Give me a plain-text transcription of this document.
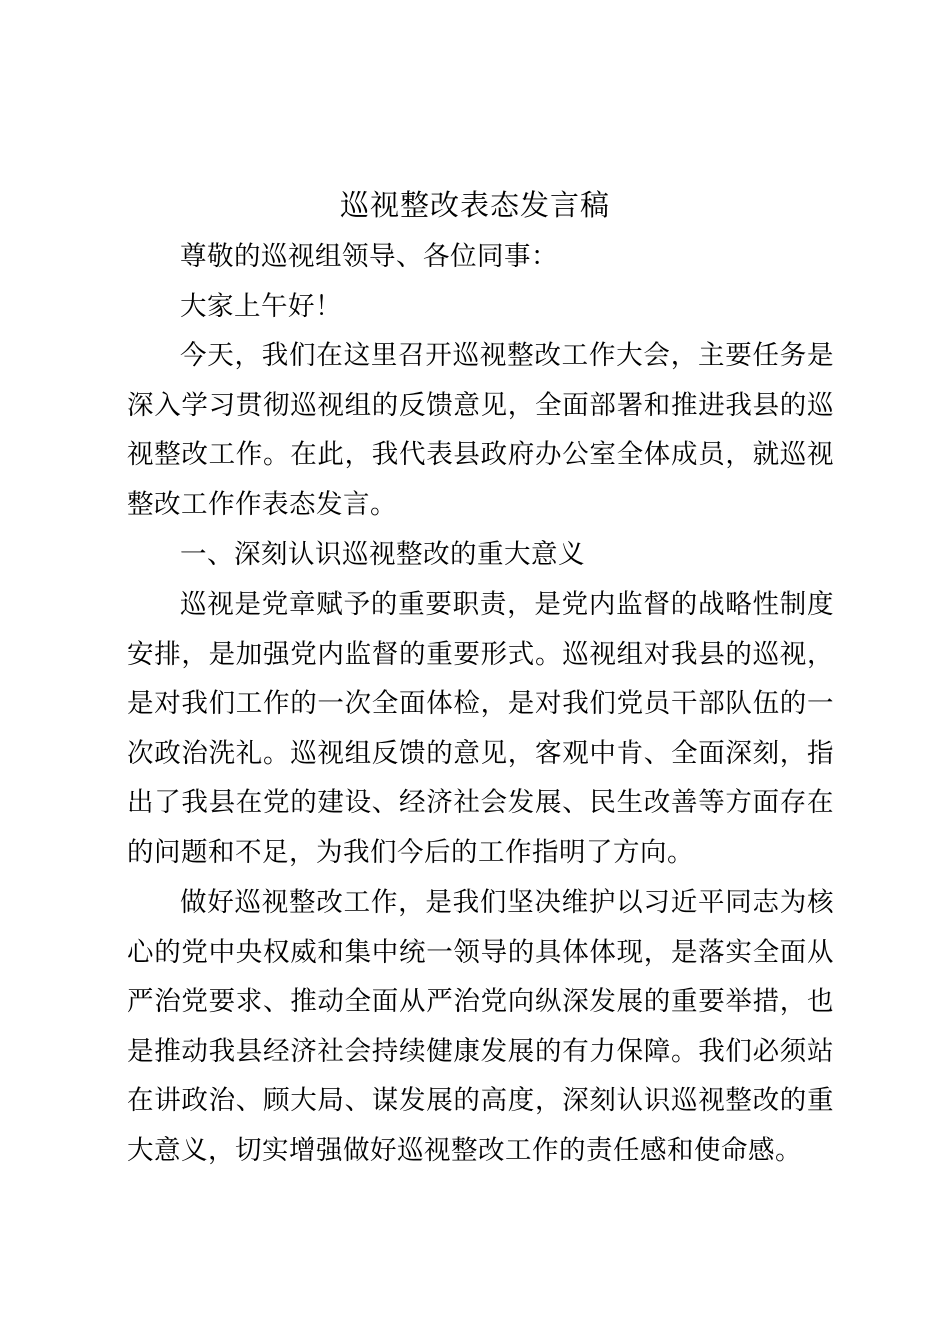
巡视整改表态发言稿

尊敬的巡视组领导、各位同事：

大家上午好！

今天，我们在这里召开巡视整改工作大会，主要任务是深入学习贯彻巡视组的反馈意见，全面部署和推进我县的巡视整改工作。在此，我代表县政府办公室全体成员，就巡视整改工作作表态发言。

一、深刻认识巡视整改的重大意义

巡视是党章赋予的重要职责，是党内监督的战略性制度安排，是加强党内监督的重要形式。巡视组对我县的巡视，是对我们工作的一次全面体检，是对我们党员干部队伍的一次政治洗礼。巡视组反馈的意见，客观中肯、全面深刻，指出了我县在党的建设、经济社会发展、民生改善等方面存在的问题和不足，为我们今后的工作指明了方向。

做好巡视整改工作，是我们坚决维护以习近平同志为核心的党中央权威和集中统一领导的具体体现，是落实全面从严治党要求、推动全面从严治党向纵深发展的重要举措，也是推动我县经济社会持续健康发展的有力保障。我们必须站在讲政治、顾大局、谋发展的高度，深刻认识巡视整改的重大意义，切实增强做好巡视整改工作的责任感和使命感。
